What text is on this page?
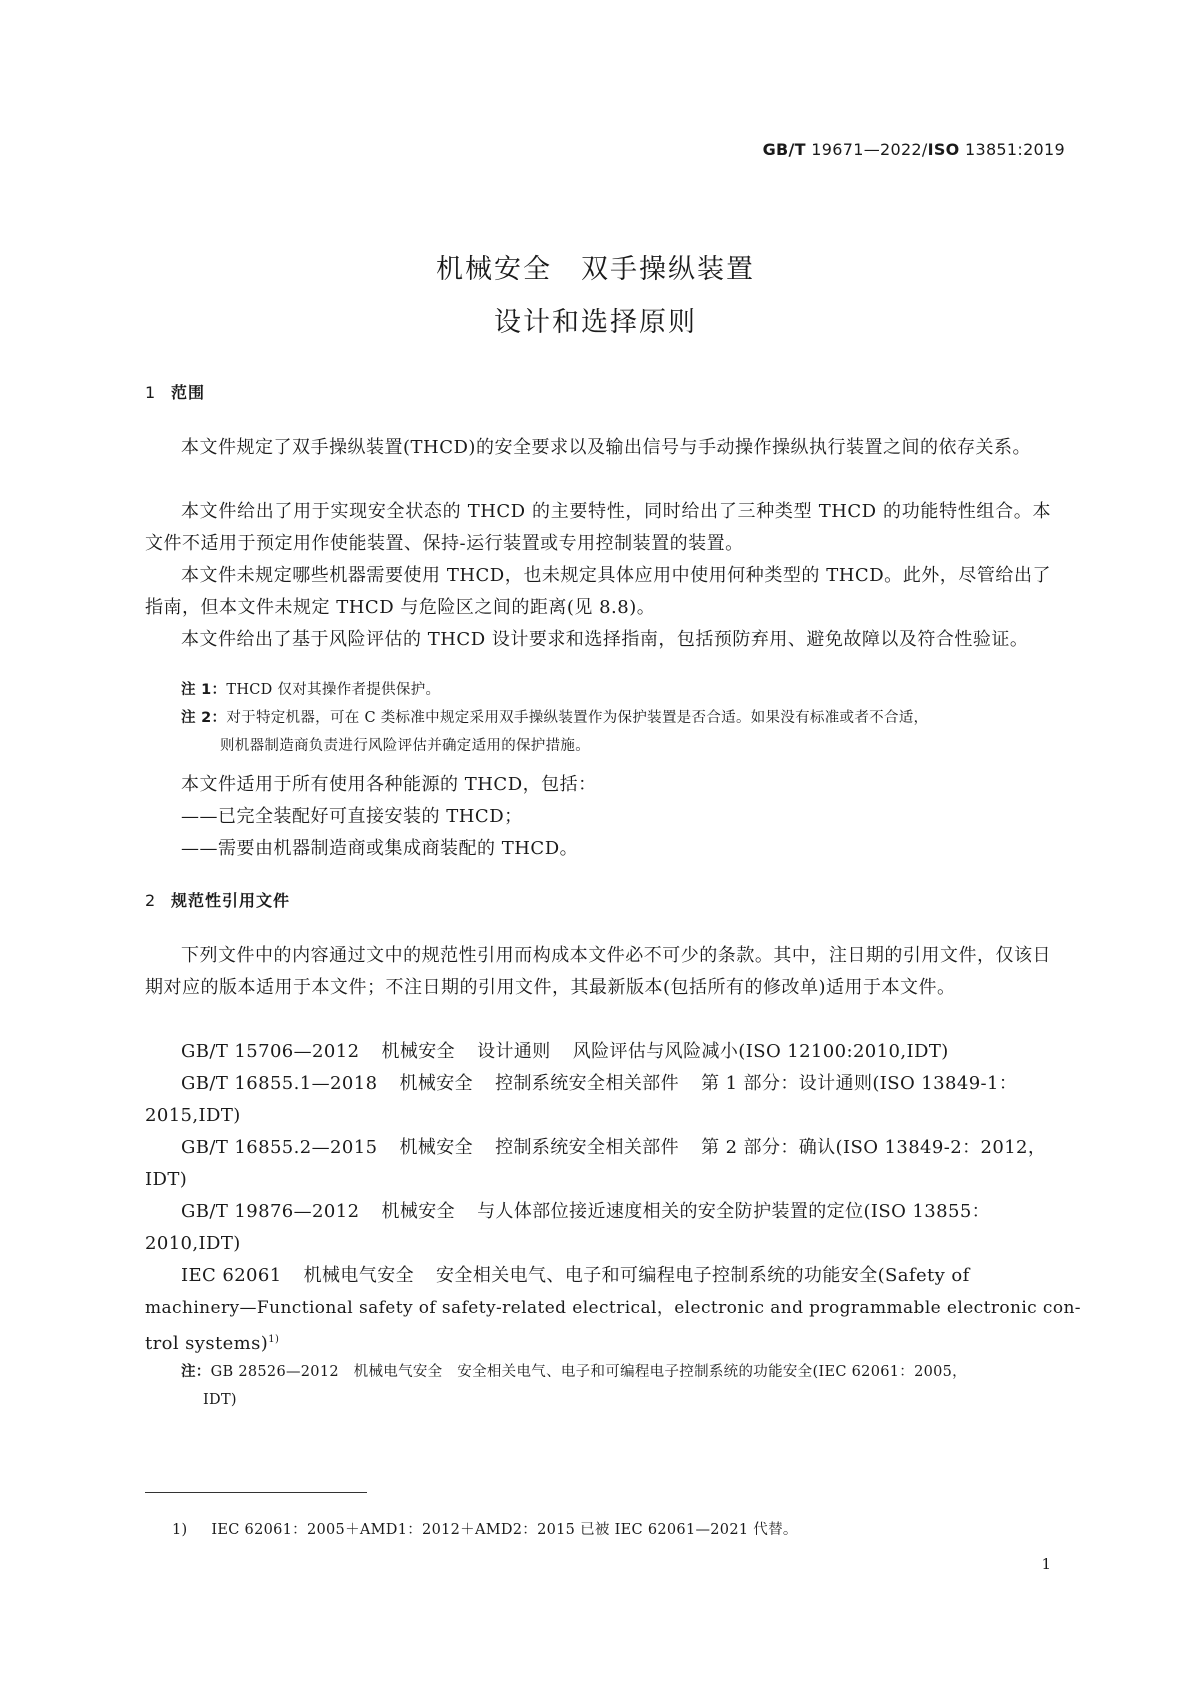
GB/T 19671—2022/ISO 13851:2019
机械安全　双手操纵装置
设计和选择原则
1 范围
本文件规定了双手操纵装置(THCD)的安全要求以及输出信号与手动操作操纵执行装置之间的依存关系。
本文件给出了用于实现安全状态的 THCD 的主要特性，同时给出了三种类型 THCD 的功能特性组合。本文件不适用于预定用作使能装置、保持-运行装置或专用控制装置的装置。
本文件未规定哪些机器需要使用 THCD，也未规定具体应用中使用何种类型的 THCD。此外，尽管给出了指南，但本文件未规定 THCD 与危险区之间的距离(见 8.8)。
本文件给出了基于风险评估的 THCD 设计要求和选择指南，包括预防弃用、避免故障以及符合性验证。
注 1：THCD 仅对其操作者提供保护。
注 2：对于特定机器，可在 C 类标准中规定采用双手操纵装置作为保护装置是否合适。如果没有标准或者不合适，
则机器制造商负责进行风险评估并确定适用的保护措施。
本文件适用于所有使用各种能源的 THCD，包括：
——已完全装配好可直接安装的 THCD；
——需要由机器制造商或集成商装配的 THCD。
2 规范性引用文件
下列文件中的内容通过文中的规范性引用而构成本文件必不可少的条款。其中，注日期的引用文件，仅该日期对应的版本适用于本文件；不注日期的引用文件，其最新版本(包括所有的修改单)适用于本文件。
GB/T 15706—2012 机械安全 设计通则 风险评估与风险减小(ISO 12100:2010,IDT)
GB/T 16855.1—2018 机械安全 控制系统安全相关部件 第 1 部分：设计通则(ISO 13849-1：
2015,IDT)
GB/T 16855.2—2015 机械安全 控制系统安全相关部件 第 2 部分：确认(ISO 13849-2：2012，
IDT)
GB/T 19876—2012 机械安全 与人体部位接近速度相关的安全防护装置的定位(ISO 13855：
2010,IDT)
IEC 62061 机械电气安全 安全相关电气、电子和可编程电子控制系统的功能安全(Safety of
machinery—Functional safety of safety-related electrical，electronic and programmable electronic con-
trol systems)$^{1)}$
注：GB 28526—2012　机械电气安全　安全相关电气、电子和可编程电子控制系统的功能安全(IEC 62061：2005，
IDT)
1) IEC 62061：2005＋AMD1：2012＋AMD2：2015 已被 IEC 62061—2021 代替。
1
